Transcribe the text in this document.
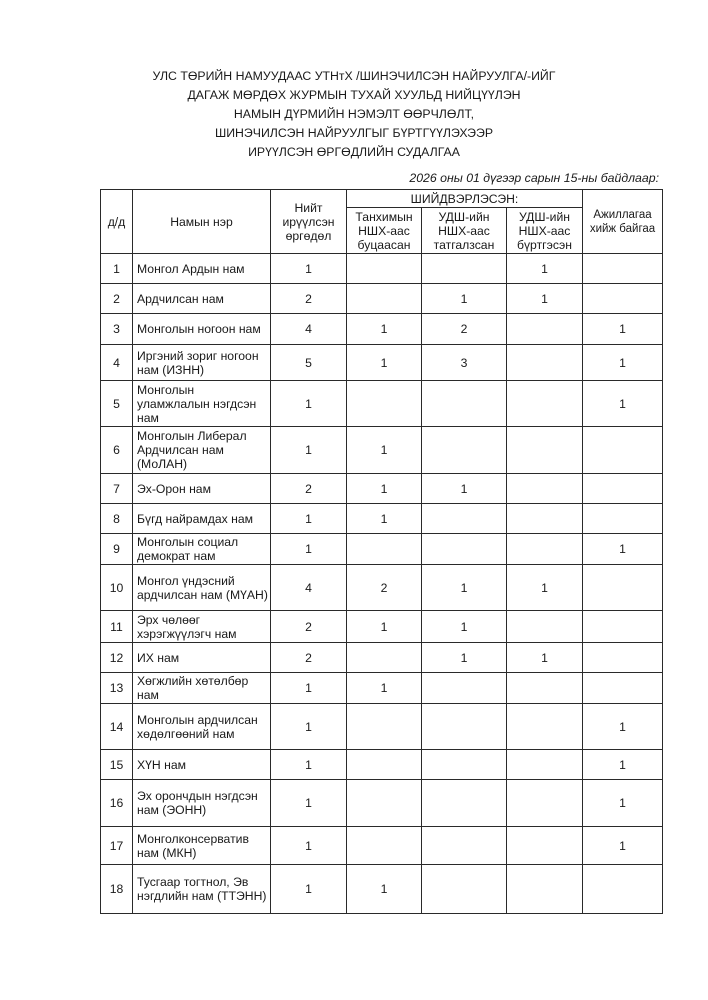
УЛС ТӨРИЙН НАМУУДААС УТНтХ /ШИНЭЧИЛСЭН НАЙРУУЛГА/-ИЙГ
ДАГАЖ МӨРДӨХ ЖУРМЫН ТУХАЙ ХУУЛЬД НИЙЦҮҮЛЭН
НАМЫН ДҮРМИЙН НЭМЭЛТ ӨӨРЧЛӨЛТ,
ШИНЭЧИЛСЭН НАЙРУУЛГЫГ БҮРТГҮҮЛЭХЭЭР
ИРҮҮЛСЭН ӨРГӨДЛИЙН СУДАЛГАА
2026 оны 01 дүгээр сарын 15-ны байдлаар:
д/д	Намын нэр	Нийт ирүүлсэн өргөдөл	ШИЙДВЭРЛЭСЭН:			Ажиллагаа хийж байгаа
			Танхимын НШХ-аас буцаасан	УДШ-ийн НШХ-аас татгалзсан	УДШ-ийн НШХ-аас бүртгэсэн	
1	Монгол Ардын нам	1			1	
2	Ардчилсан нам	2		1	1	
3	Монголын ногоон нам	4	1	2		1
4	Иргэний зориг ногоон нам (ИЗНН)	5	1	3		1
5	Монголын уламжлалын нэгдсэн нам	1				1
6	Монголын Либерал Ардчилсан нам (МоЛАН)	1	1			
7	Эх-Орон нам	2	1	1		
8	Бүгд найрамдах нам	1	1			
9	Монголын социал демократ нам	1				1
10	Монгол үндэсний ардчилсан нам (МҮАН)	4	2	1	1	
11	Эрх чөлөөг хэрэгжүүлэгч нам	2	1	1		
12	ИХ нам	2		1	1	
13	Хөгжлийн хөтөлбөр нам	1	1			
14	Монголын ардчилсан хөдөлгөөний нам	1				1
15	ХҮН нам	1				1
16	Эх орончдын нэгдсэн нам (ЭОНН)	1				1
17	Монголконсерватив нам (МКН)	1				1
18	Тусгаар тогтнол, Эв нэгдлийн нам (ТТЭНН)	1	1			
